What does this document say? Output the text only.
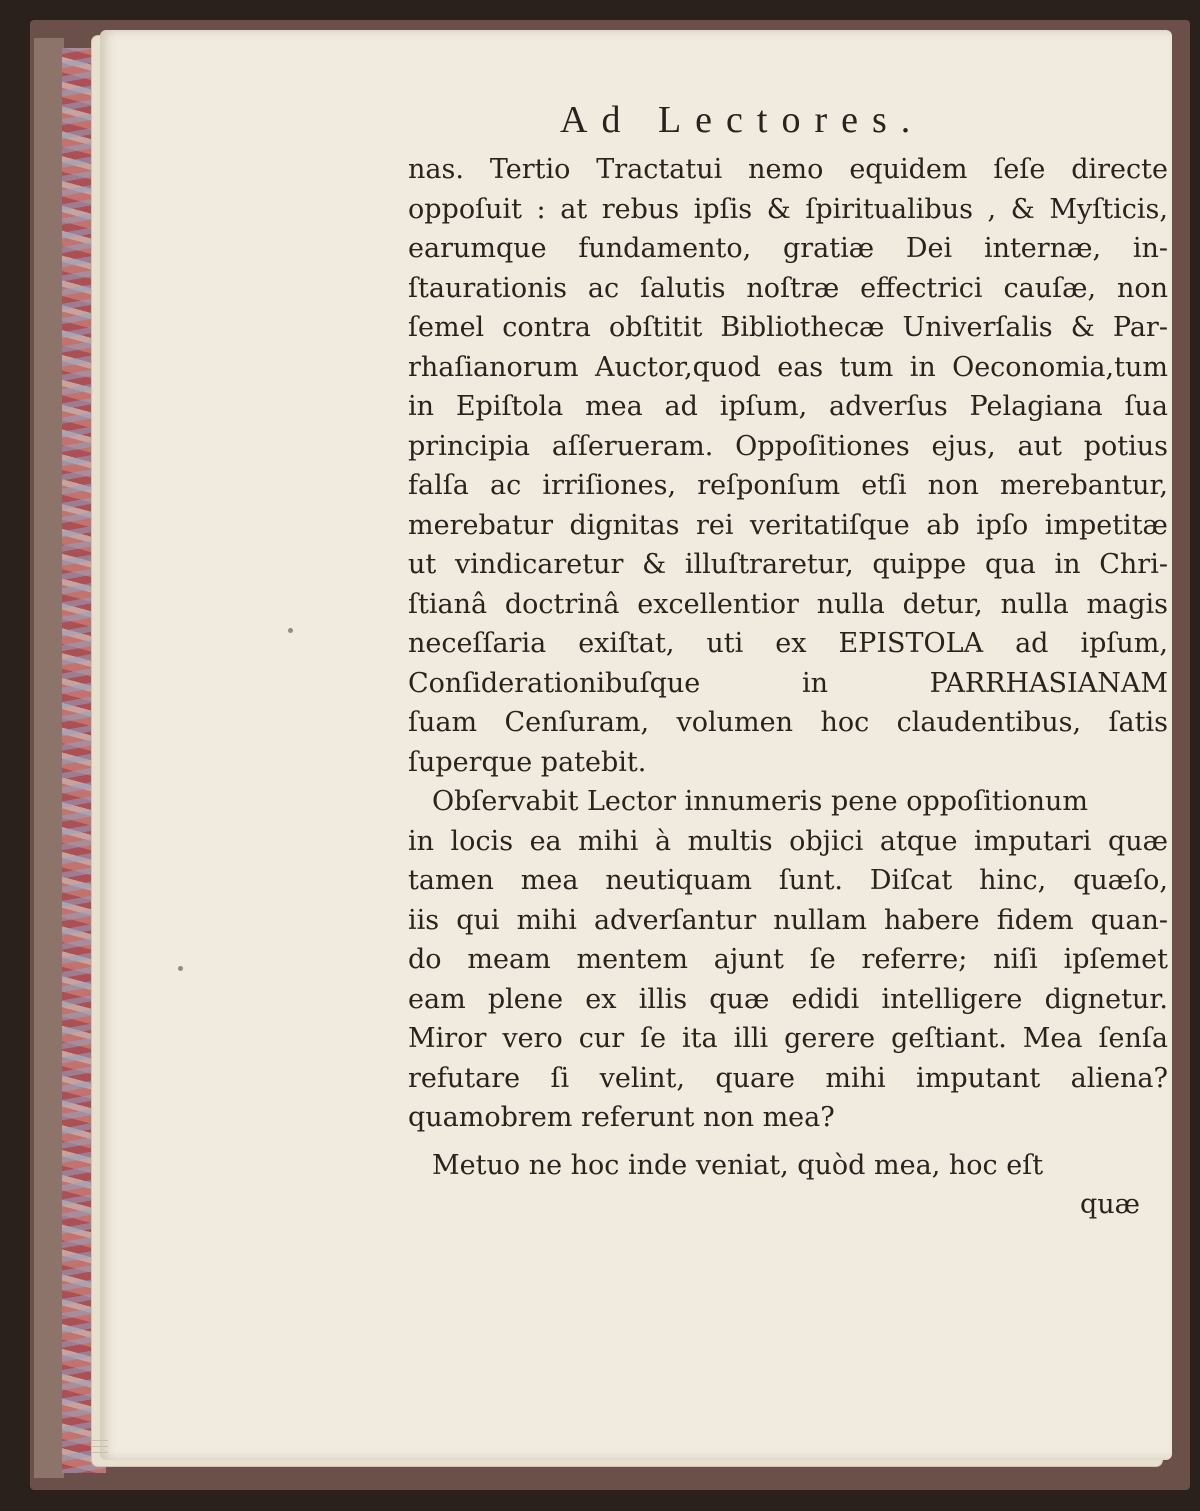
Ad Lectores.
nas. Tertio Tractatui nemo equidem ſeſe directe
oppoſuit : at rebus ipſis & ſpiritualibus , & Myſticis,
earumque fundamento, gratiæ Dei internæ, in-
ſtaurationis ac ſalutis noſtræ effectrici cauſæ, non
ſemel contra obſtitit Bibliothecæ Univerſalis & Par-
rhaſianorum Auctor,quod eas tum in Oeconomia,tum
in Epiſtola mea ad ipſum, adverſus Pelagiana ſua
principia aſſerueram. Oppoſitiones ejus, aut potius
falſa ac irriſiones, reſponſum etſi non merebantur,
merebatur dignitas rei veritatiſque ab ipſo impetitæ
ut vindicaretur & illuſtraretur, quippe qua in Chri-
ſtianâ doctrinâ excellentior nulla detur, nulla magis
neceſſaria exiſtat, uti ex EPISTOLA ad ipſum,
Conſiderationibuſque	in	PARRHASIANAM
ſuam Cenſuram, volumen hoc claudentibus, ſatis
ſuperque patebit.
Obſervabit Lector innumeris pene oppoſitionum
in locis ea mihi à multis objici atque imputari quæ
tamen mea neutiquam ſunt. Diſcat hinc, quæſo,
iis qui mihi adverſantur nullam habere fidem quan-
do meam mentem ajunt ſe referre; niſi ipſemet
eam plene ex illis quæ edidi intelligere dignetur.
Miror vero cur ſe ita illi gerere geſtiant. Mea ſenſa
refutare ſi velint, quare mihi imputant aliena?
quamobrem referunt non mea?
Metuo ne hoc inde veniat, quòd mea, hoc eſt
quæ
